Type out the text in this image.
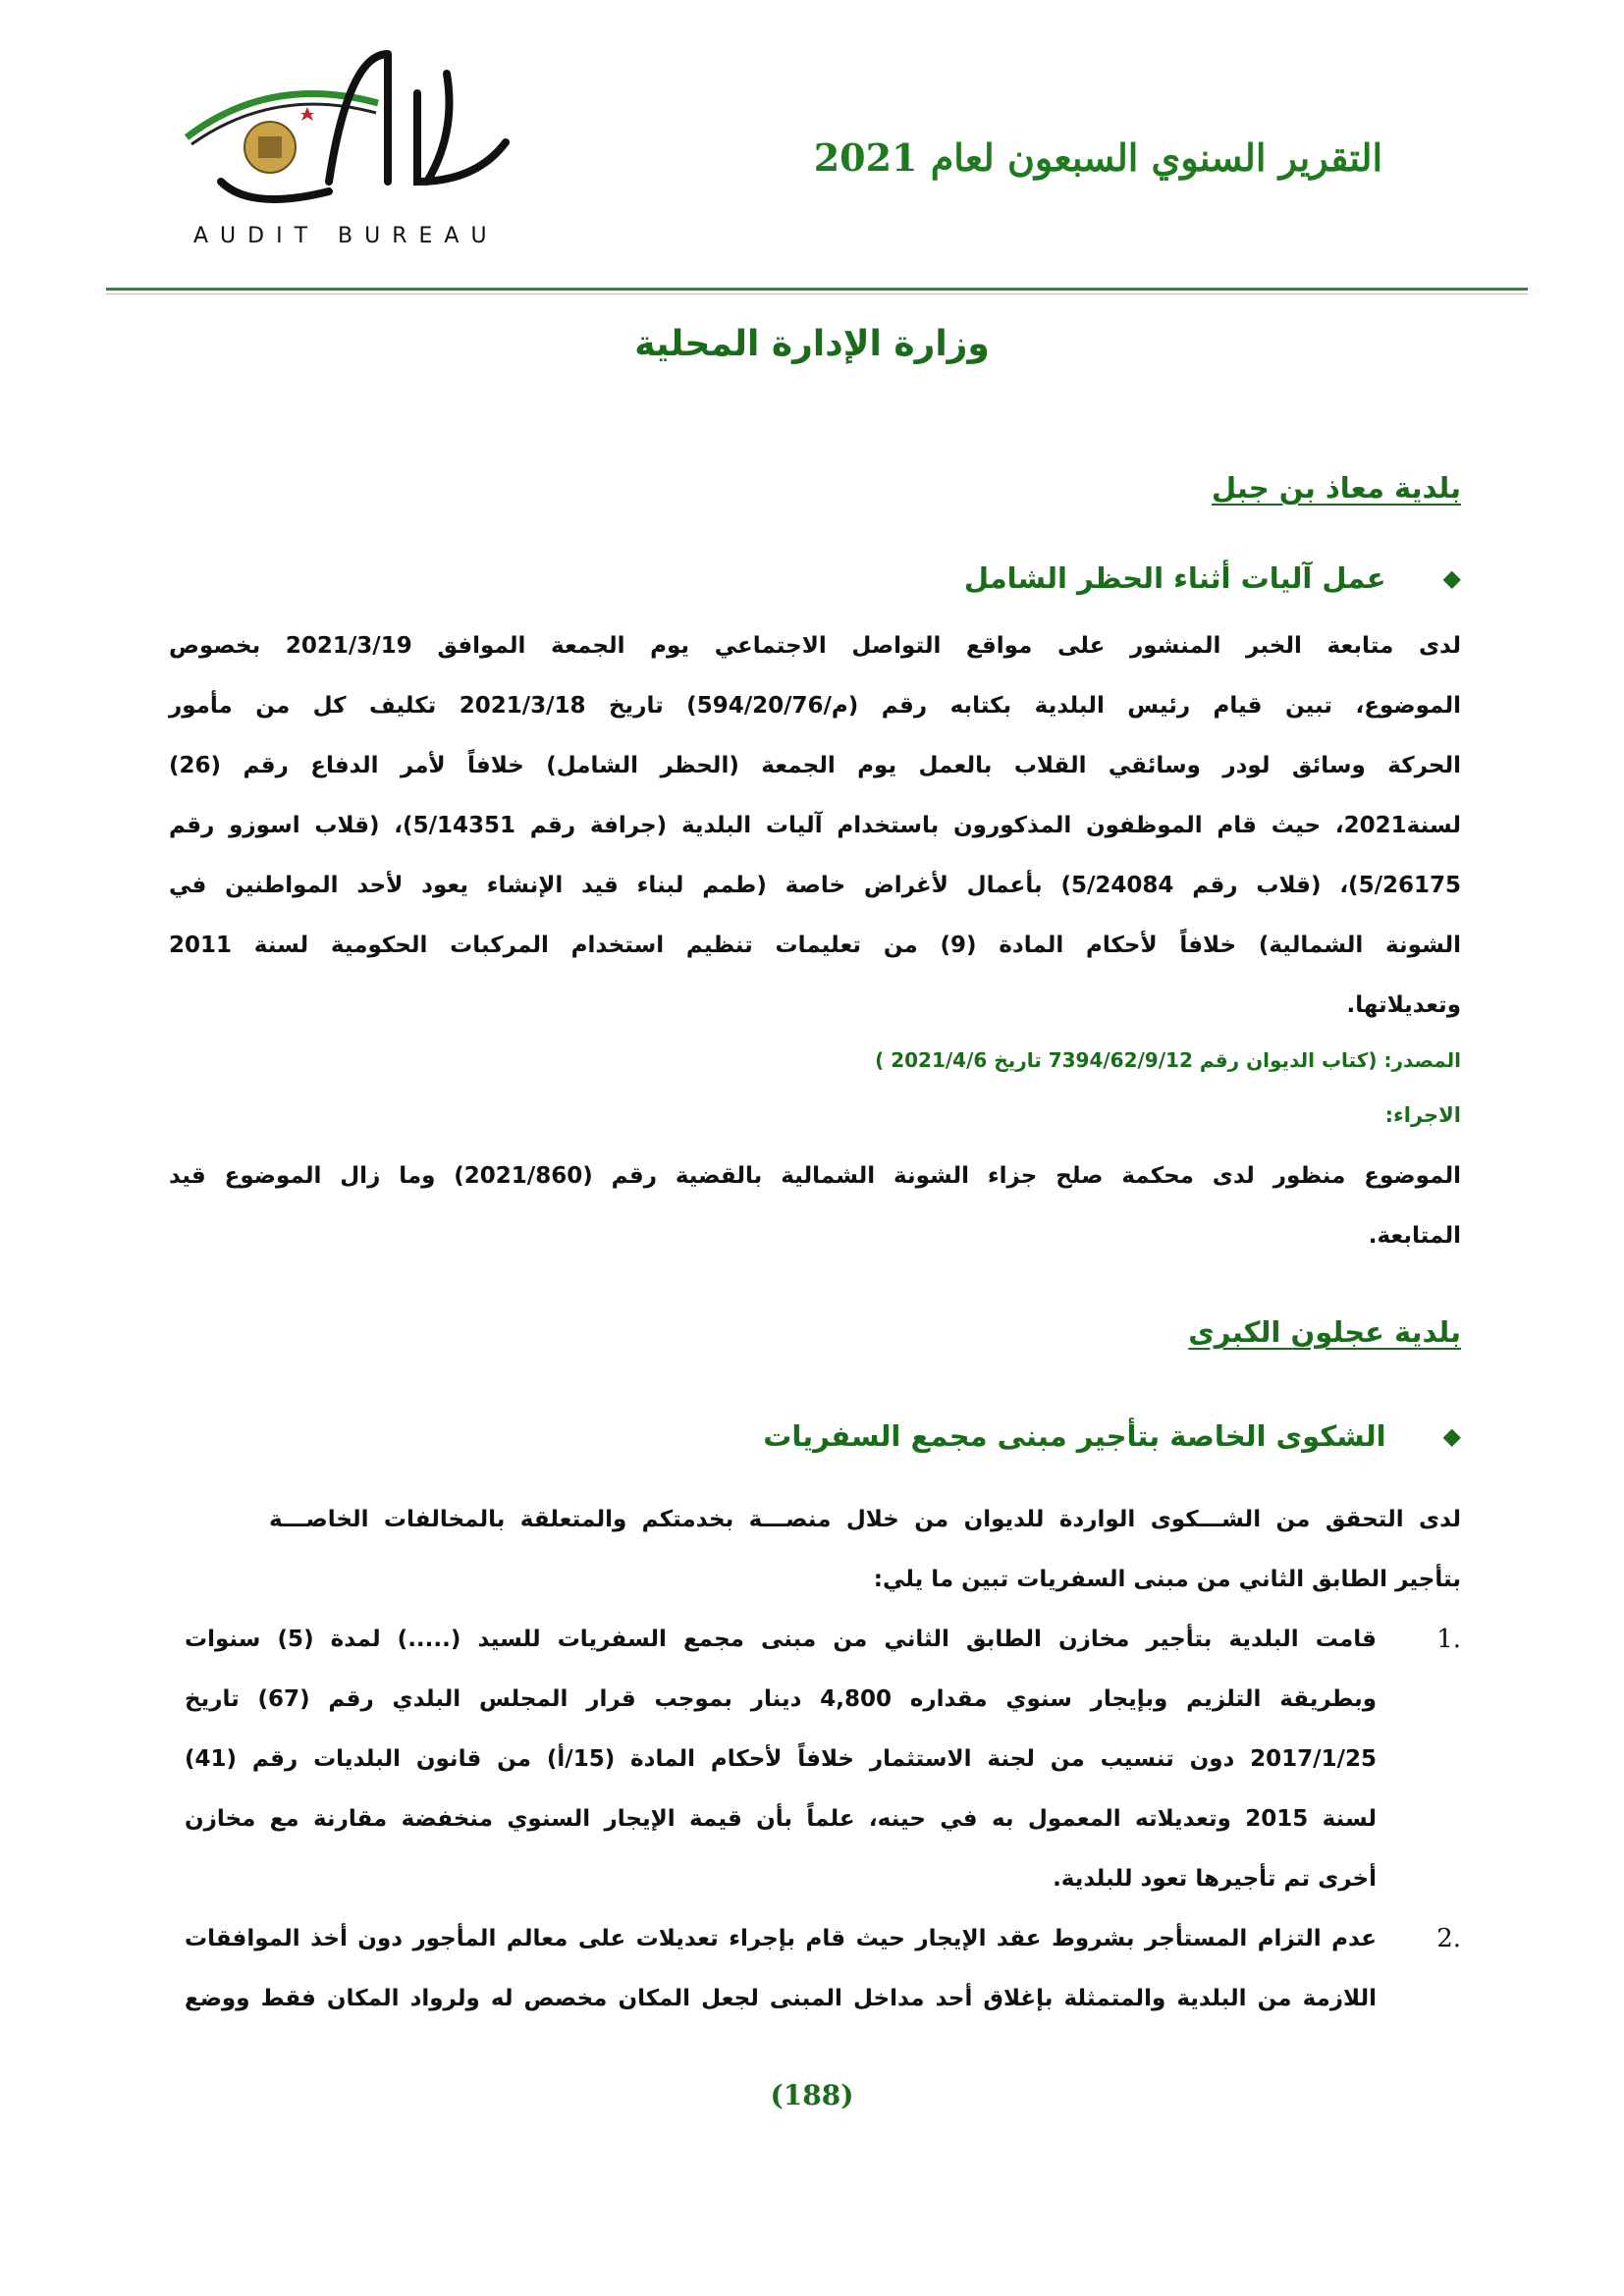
AUDIT BUREAU
التقرير السنوي السبعون لعام 2021
وزارة الإدارة المحلية
بلدية معاذ بن جبل
◆
عمل آليات أثناء الحظر الشامل
لدى متابعة الخبر المنشور على مواقع التواصل الاجتماعي يوم الجمعة الموافق 2021/3/19 بخصوص
الموضوع، تبين قيام رئيس البلدية بكتابه رقم (م/594/20/76) تاريخ 2021/3/18 تكليف كل من مأمور
الحركة وسائق لودر وسائقي القلاب بالعمل يوم الجمعة (الحظر الشامل) خلافاً لأمر الدفاع رقم (26)
لسنة2021، حيث قام الموظفون المذكورون باستخدام آليات البلدية (جرافة رقم 5/14351)، (قلاب اسوزو رقم
5/26175)، (قلاب رقم 5/24084) بأعمال لأغراض خاصة (طمم لبناء قيد الإنشاء يعود لأحد المواطنين في
الشونة الشمالية) خلافاً لأحكام المادة (9) من تعليمات تنظيم استخدام المركبات الحكومية لسنة 2011
وتعديلاتها.
المصدر: (كتاب الديوان رقم 7394/62/9/12 تاريخ 2021/4/6 )
الاجراء:
الموضوع منظور لدى محكمة صلح جزاء الشونة الشمالية بالقضية رقم (2021/860) وما زال الموضوع قيد
المتابعة.
بلدية عجلون الكبرى
◆
الشكوى الخاصة بتأجير مبنى مجمع السفريات
لدى التحقق من الشـــكوى الواردة للديوان من خلال منصـــة بخدمتكم والمتعلقة بالمخالفات الخاصـــة
بتأجير الطابق الثاني من مبنى السفريات تبين ما يلي:
.1
قامت البلدية بتأجير مخازن الطابق الثاني من مبنى مجمع السفريات للسيد (.....) لمدة (5) سنوات
وبطريقة التلزيم وبإيجار سنوي مقداره 4,800 دينار بموجب قرار المجلس البلدي رقم (67) تاريخ
2017/1/25 دون تنسيب من لجنة الاستثمار خلافاً لأحكام المادة (15/أ) من قانون البلديات رقم (41)
لسنة 2015 وتعديلاته المعمول به في حينه، علماً بأن قيمة الإيجار السنوي منخفضة مقارنة مع مخازن
أخرى تم تأجيرها تعود للبلدية.
.2
عدم التزام المستأجر بشروط عقد الإيجار حيث قام بإجراء تعديلات على معالم المأجور دون أخذ الموافقات
اللازمة من البلدية والمتمثلة بإغلاق أحد مداخل المبنى لجعل المكان مخصص له ولرواد المكان فقط ووضع
(188)
